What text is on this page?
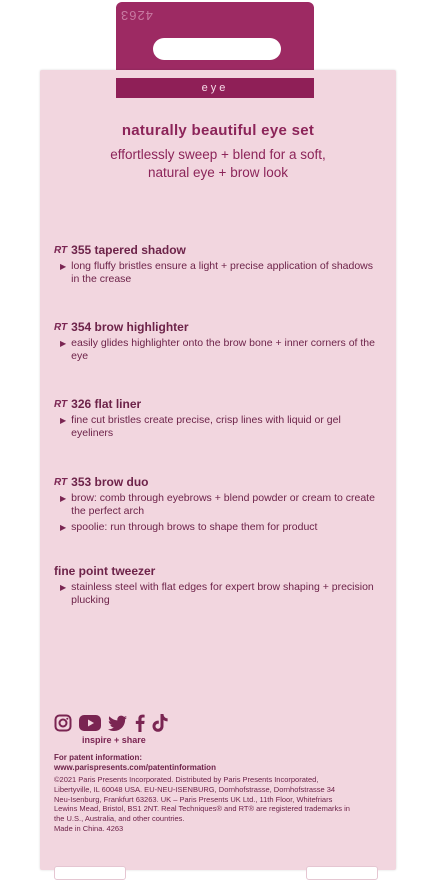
4263
eye
naturally beautiful eye set
effortlessly sweep + blend for a soft,
natural eye + brow look
RT 355 tapered shadow
▶ long fluffy bristles ensure a light + precise application of shadows in the crease
RT 354 brow highlighter
▶ easily glides highlighter onto the brow bone + inner corners of the eye
RT 326 flat liner
▶ fine cut bristles create precise, crisp lines with liquid or gel eyeliners
RT 353 brow duo
▶ brow: comb through eyebrows + blend powder or cream to create the perfect arch
▶ spoolie: run through brows to shape them for product
fine point tweezer
▶ stainless steel with flat edges for expert brow shaping + precision plucking
inspire + share
For patent information:
www.parispresents.com/patentinformation
©2021 Paris Presents Incorporated. Distributed by Paris Presents Incorporated,
Libertyville, IL 60048 USA. EU-NEU-ISENBURG, Dornhofstrasse, Dornhofstrasse 34
Neu-Isenburg, Frankfurt 63263. UK – Paris Presents UK Ltd., 11th Floor, Whitefriars
Lewins Mead, Bristol, BS1 2NT. Real Techniques® and RT® are registered trademarks in
the U.S., Australia, and other countries.
Made in China. 4263
